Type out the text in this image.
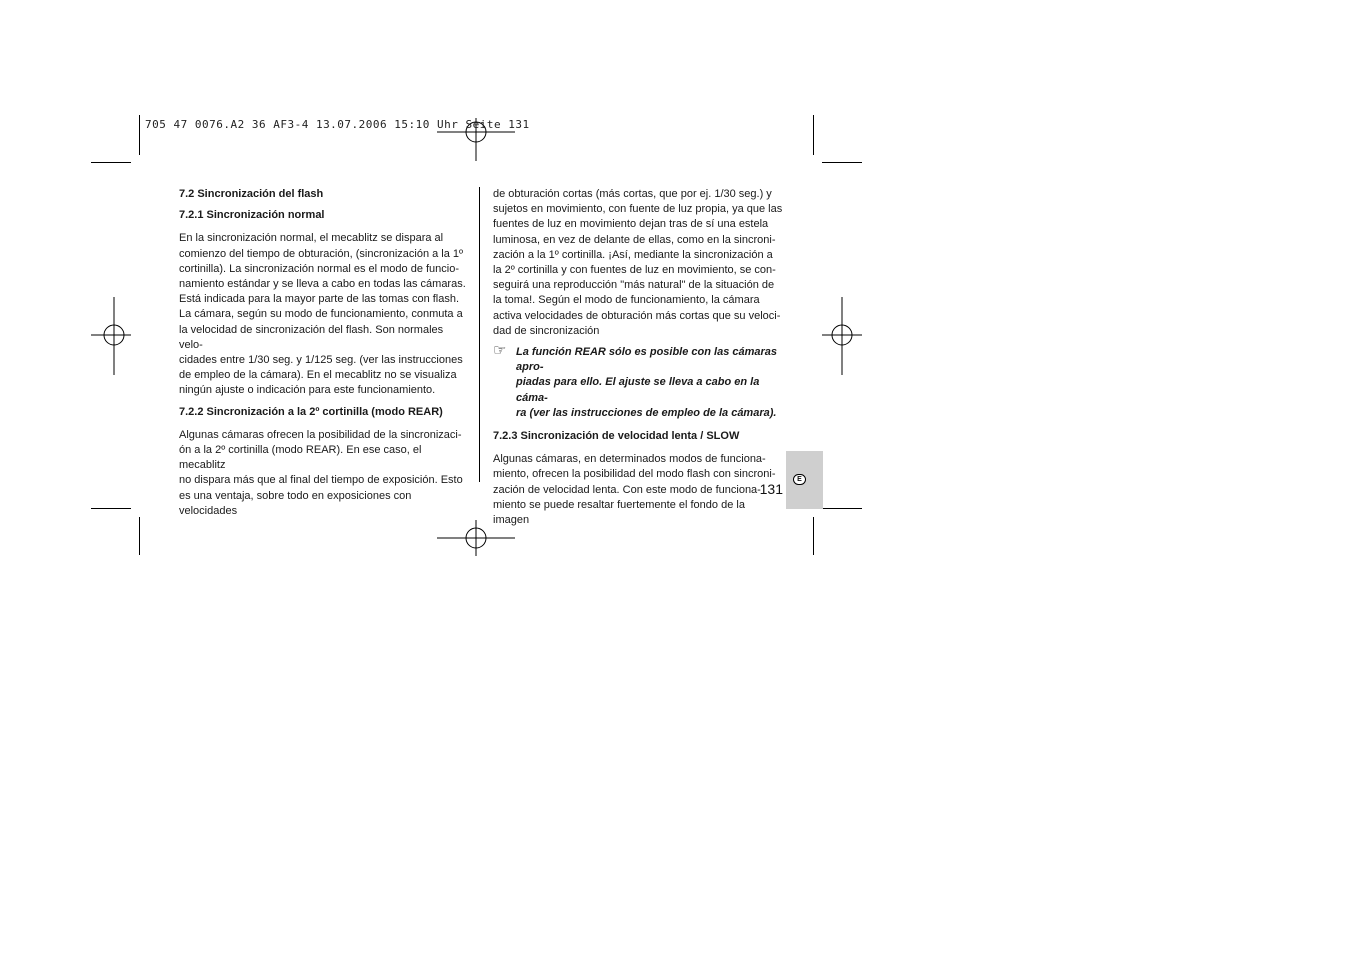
705 47 0076.A2 36 AF3-4 13.07.2006 15:10 Uhr Seite 131

7.2 Sincronización del flash

7.2.1 Sincronización normal

En la sincronización normal, el mecablitz se dispara al

comienzo del tiempo de obturación, (sincronización a la 1º

cortinilla). La sincronización normal es el modo de funcio-

namiento estándar y se lleva a cabo en todas las cámaras.

Está indicada para la mayor parte de las tomas con flash.

La cámara, según su modo de funcionamiento, conmuta a

la velocidad de sincronización del flash. Son normales velo-

cidades entre 1/30 seg. y 1/125 seg. (ver las instrucciones

de empleo de la cámara). En el mecablitz no se visualiza

ningún ajuste o indicación para este funcionamiento.

7.2.2 Sincronización a la 2º cortinilla (modo REAR)

Algunas cámaras ofrecen la posibilidad de la sincronizaci-

ón a la 2º cortinilla (modo REAR). En ese caso, el mecablitz

no dispara más que al final del tiempo de exposición. Esto

es una ventaja, sobre todo en exposiciones con velocidades

de obturación cortas (más cortas, que por ej. 1/30 seg.) y

sujetos en movimiento, con fuente de luz propia, ya que las

fuentes de luz en movimiento dejan tras de sí una estela

luminosa, en vez de delante de ellas, como en la sincroni-

zación a la 1º cortinilla. ¡Así, mediante la sincronización a

la 2º cortinilla y con fuentes de luz en movimiento, se con-

seguirá una reproducción "más natural" de la situación de

la toma!. Según el modo de funcionamiento, la cámara

activa velocidades de obturación más cortas que su veloci-

dad de sincronización

☞ La función REAR sólo es posible con las cámaras apro-

piadas para ello. El ajuste se lleva a cabo en la cáma-

ra (ver las instrucciones de empleo de la cámara).

7.2.3 Sincronización de velocidad lenta / SLOW

Algunas cámaras, en determinados modos de funciona-

miento, ofrecen la posibilidad del modo flash con sincroni-

zación de velocidad lenta. Con este modo de funciona-

miento se puede resaltar fuertemente el fondo de la imagen

E
131
